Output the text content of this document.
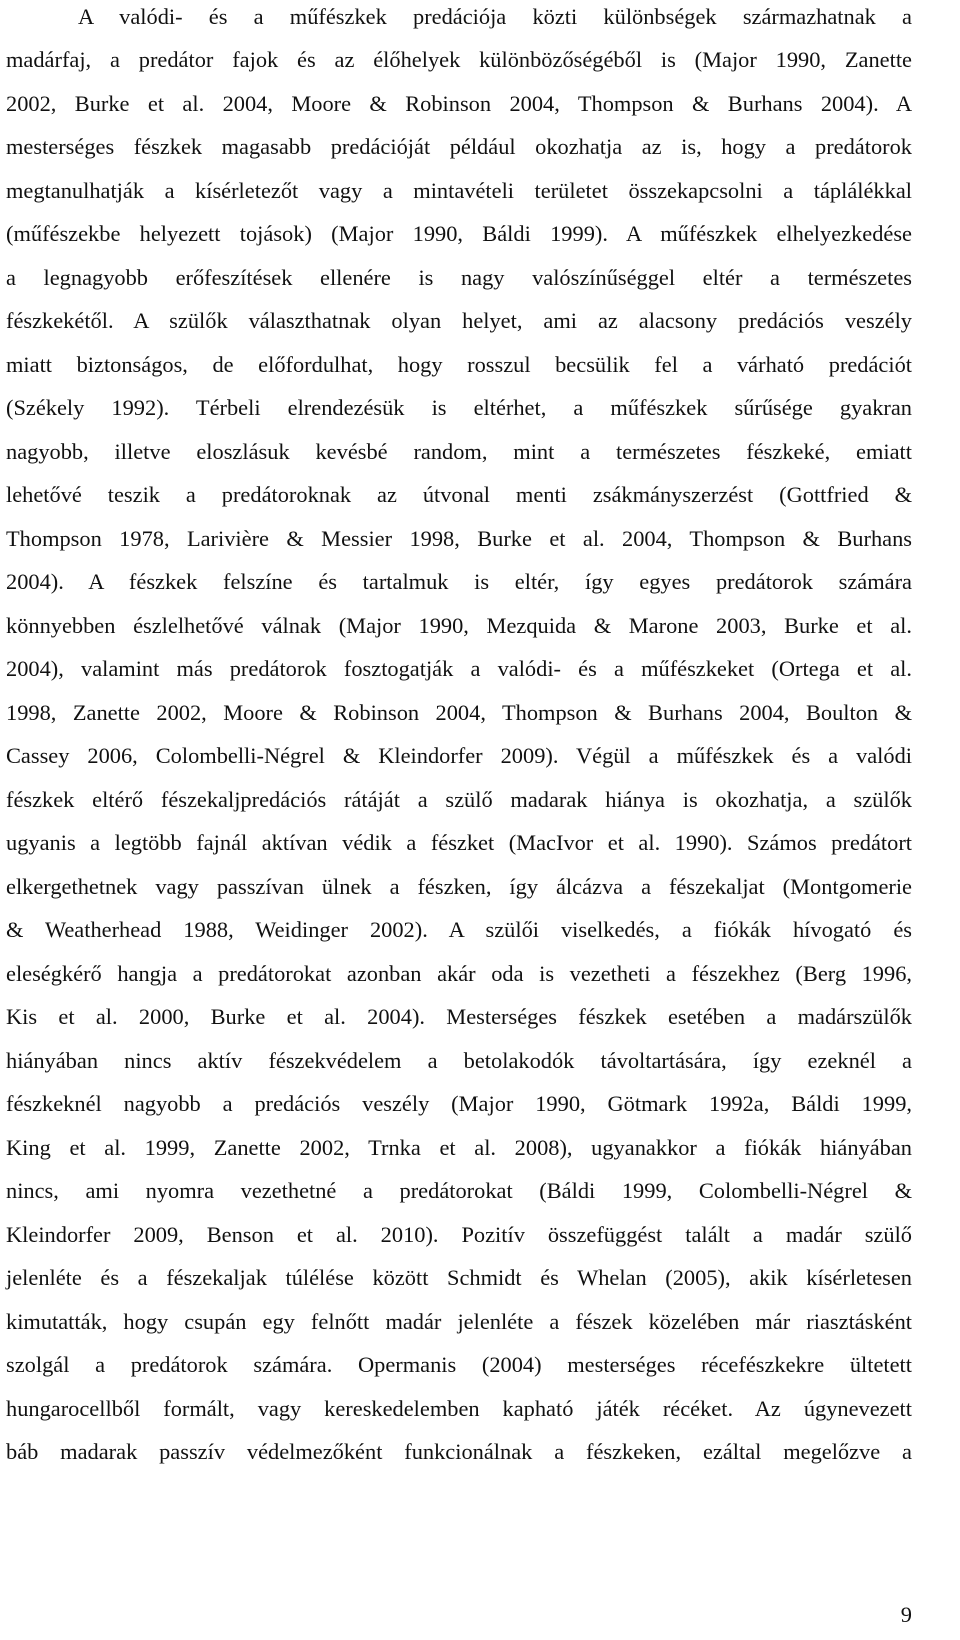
A valódi- és a műfészkek predációja közti különbségek származhatnak a
madárfaj, a predátor fajok és az élőhelyek különbözőségéből is (Major 1990, Zanette
2002, Burke et al. 2004, Moore & Robinson 2004, Thompson & Burhans 2004). A
mesterséges fészkek magasabb predációját például okozhatja az is, hogy a predátorok
megtanulhatják a kísérletezőt vagy a mintavételi területet összekapcsolni a táplálékkal
(műfészekbe helyezett tojások) (Major 1990, Báldi 1999). A műfészkek elhelyezkedése
a legnagyobb erőfeszítések ellenére is nagy valószínűséggel eltér a természetes
fészkekétől. A szülők választhatnak olyan helyet, ami az alacsony predációs veszély
miatt biztonságos, de előfordulhat, hogy rosszul becsülik fel a várható predációt
(Székely 1992). Térbeli elrendezésük is eltérhet, a műfészkek sűrűsége gyakran
nagyobb, illetve eloszlásuk kevésbé random, mint a természetes fészkeké, emiatt
lehetővé teszik a predátoroknak az útvonal menti zsákmányszerzést (Gottfried &
Thompson 1978, Larivière & Messier 1998, Burke et al. 2004, Thompson & Burhans
2004). A fészkek felszíne és tartalmuk is eltér, így egyes predátorok számára
könnyebben észlelhetővé válnak (Major 1990, Mezquida & Marone 2003, Burke et al.
2004), valamint más predátorok fosztogatják a valódi- és a műfészkeket (Ortega et al.
1998, Zanette 2002, Moore & Robinson 2004, Thompson & Burhans 2004, Boulton &
Cassey 2006, Colombelli-Négrel & Kleindorfer 2009). Végül a műfészkek és a valódi
fészkek eltérő fészekaljpredációs rátáját a szülő madarak hiánya is okozhatja, a szülők
ugyanis a legtöbb fajnál aktívan védik a fészket (MacIvor et al. 1990). Számos predátort
elkergethetnek vagy passzívan ülnek a fészken, így álcázva a fészekaljat (Montgomerie
& Weatherhead 1988, Weidinger 2002). A szülői viselkedés, a fiókák hívogató és
eleségkérő hangja a predátorokat azonban akár oda is vezetheti a fészekhez (Berg 1996,
Kis et al. 2000, Burke et al. 2004). Mesterséges fészkek esetében a madárszülők
hiányában nincs aktív fészekvédelem a betolakodók távoltartására, így ezeknél a
fészkeknél nagyobb a predációs veszély (Major 1990, Götmark 1992a, Báldi 1999,
King et al. 1999, Zanette 2002, Trnka et al. 2008), ugyanakkor a fiókák hiányában
nincs, ami nyomra vezethetné a predátorokat (Báldi 1999, Colombelli-Négrel &
Kleindorfer 2009, Benson et al. 2010). Pozitív összefüggést talált a madár szülő
jelenléte és a fészekaljak túlélése között Schmidt és Whelan (2005), akik kísérletesen
kimutatták, hogy csupán egy felnőtt madár jelenléte a fészek közelében már riasztásként
szolgál a predátorok számára. Opermanis (2004) mesterséges récefészkekre ültetett
hungarocellből formált, vagy kereskedelemben kapható játék récéket. Az úgynevezett
báb madarak passzív védelmezőként funkcionálnak a fészkeken, ezáltal megelőzve a
9
